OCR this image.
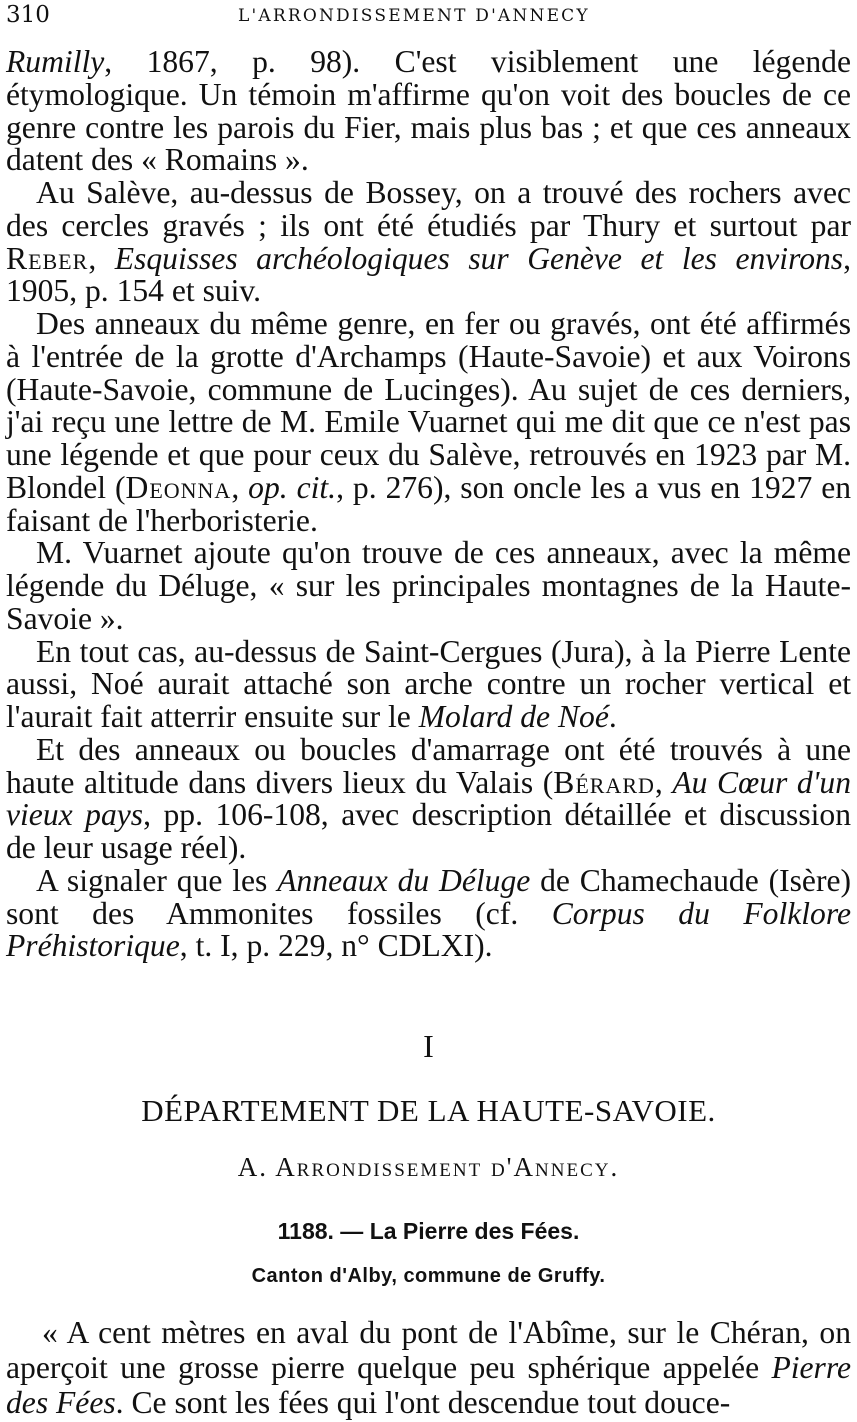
310	L'ARRONDISSEMENT D'ANNECY

Rumilly, 1867, p. 98). C'est visiblement une légende étymologique. Un témoin m'affirme qu'on voit des boucles de ce genre contre les parois du Fier, mais plus bas ; et que ces anneaux datent des « Romains ».

Au Salève, au-dessus de Bossey, on a trouvé des rochers avec des cercles gravés ; ils ont été étudiés par Thury et surtout par Reber, Esquisses archéologiques sur Genève et les environs, 1905, p. 154 et suiv.

Des anneaux du même genre, en fer ou gravés, ont été affirmés à l'entrée de la grotte d'Archamps (Haute-Savoie) et aux Voirons (Haute-Savoie, commune de Lucinges). Au sujet de ces derniers, j'ai reçu une lettre de M. Emile Vuarnet qui me dit que ce n'est pas une légende et que pour ceux du Salève, retrouvés en 1923 par M. Blondel (Deonna, op. cit., p. 276), son oncle les a vus en 1927 en faisant de l'herboristerie.

M. Vuarnet ajoute qu'on trouve de ces anneaux, avec la même légende du Déluge, « sur les principales montagnes de la Haute-Savoie ».

En tout cas, au-dessus de Saint-Cergues (Jura), à la Pierre Lente aussi, Noé aurait attaché son arche contre un rocher vertical et l'aurait fait atterrir ensuite sur le Molard de Noé.

Et des anneaux ou boucles d'amarrage ont été trouvés à une haute altitude dans divers lieux du Valais (Bérard, Au Cœur d'un vieux pays, pp. 106-108, avec description détaillée et discussion de leur usage réel).

A signaler que les Anneaux du Déluge de Chamechaude (Isère) sont des Ammonites fossiles (cf. Corpus du Folklore Préhistorique, t. I, p. 229, n° CDLXI).

I
DÉPARTEMENT DE LA HAUTE-SAVOIE.
A. Arrondissement d'Annecy.
1188. — La Pierre des Fées.
Canton d'Alby, commune de Gruffy.

« A cent mètres en aval du pont de l'Abîme, sur le Chéran, on aperçoit une grosse pierre quelque peu sphérique appelée Pierre des Fées. Ce sont les fées qui l'ont descendue tout douce-
